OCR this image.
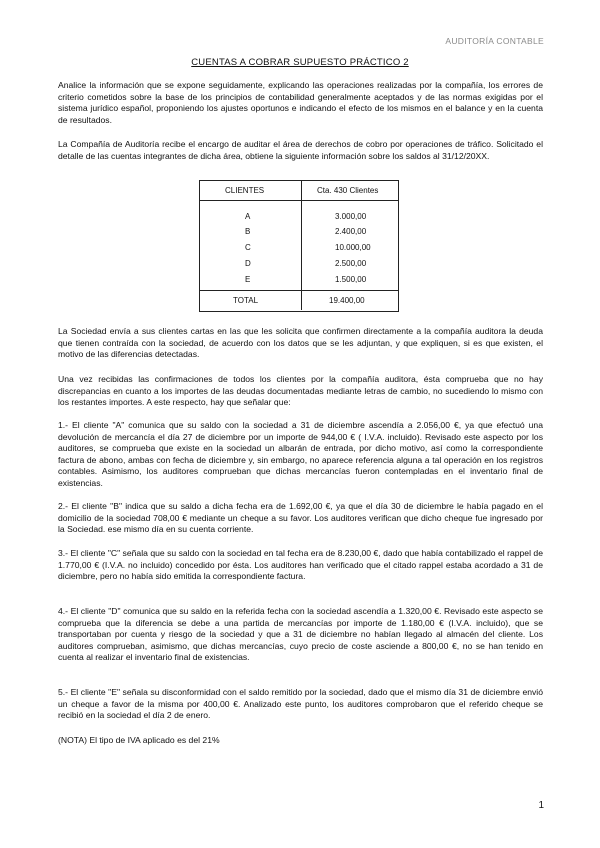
AUDITORÍA CONTABLE
CUENTAS A COBRAR SUPUESTO PRÁCTICO 2

Analice la información que se expone seguidamente, explicando las operaciones realizadas por la compañía, los errores de criterio cometidos sobre la base de los principios de contabilidad generalmente aceptados y de las normas exigidas por el sistema jurídico español, proponiendo los ajustes oportunos e indicando el efecto de los mismos en el balance y en la cuenta de resultados.

La Compañía de Auditoría recibe el encargo de auditar el área de derechos de cobro por operaciones de tráfico. Solicitado el detalle de las cuentas integrantes de dicha área, obtiene la siguiente información sobre los saldos al 31/12/20XX.

CLIENTES	Cta. 430 Clientes
A	3.000,00
B	2.400,00
C	10.000,00
D	2.500,00
E	1.500,00
TOTAL	19.400,00

La Sociedad envía a sus clientes cartas en las que les solicita que confirmen directamente a la compañía auditora la deuda que tienen contraída con la sociedad, de acuerdo con los datos que se les adjuntan, y que expliquen, si es que existen, el motivo de las diferencias detectadas.

Una vez recibidas las confirmaciones de todos los clientes por la compañía auditora, ésta comprueba que no hay discrepancias en cuanto a los importes de las deudas documentadas mediante letras de cambio, no sucediendo lo mismo con los restantes importes. A este respecto, hay que señalar que:

1.- El cliente "A" comunica que su saldo con la sociedad a 31 de diciembre ascendía a 2.056,00 €, ya que efectuó una devolución de mercancía el día 27 de diciembre por un importe de 944,00 € ( I.V.A. incluido). Revisado este aspecto por los auditores, se comprueba que existe en la sociedad un albarán de entrada, por dicho motivo, así como la correspondiente factura de abono, ambas con fecha de diciembre y, sin embargo, no aparece referencia alguna a tal operación en los registros contables. Asimismo, los auditores comprueban que dichas mercancías fueron contempladas en el inventario final de existencias.

2.- El cliente "B" indica que su saldo a dicha fecha era de 1.692,00 €, ya que el día 30 de diciembre le había pagado en el domicilio de la sociedad 708,00 € mediante un cheque a su favor. Los auditores verifican que dicho cheque fue ingresado por la Sociedad. ese mismo día en su cuenta corriente.

3.- El cliente "C" señala que su saldo con la sociedad en tal fecha era de 8.230,00 €, dado que había contabilizado el rappel de 1.770,00 € (I.V.A. no incluido) concedido por ésta. Los auditores han verificado que el citado rappel estaba acordado a 31 de diciembre, pero no había sido emitida la correspondiente factura.

4.- El cliente "D" comunica que su saldo en la referida fecha con la sociedad ascendía a 1.320,00 €. Revisado este aspecto se comprueba que la diferencia se debe a una partida de mercancías por importe de 1.180,00 € (I.V.A. incluido), que se transportaban por cuenta y riesgo de la sociedad y que a 31 de diciembre no habían llegado al almacén del cliente. Los auditores comprueban, asimismo, que dichas mercancías, cuyo precio de coste asciende a 800,00 €, no se han tenido en cuenta al realizar el inventario final de existencias.

5.- El cliente "E" señala su disconformidad con el saldo remitido por la sociedad, dado que el mismo día 31 de diciembre envió un cheque a favor de la misma por 400,00 €. Analizado este punto, los auditores comprobaron que el referido cheque se recibió en la sociedad el día 2 de enero.

(NOTA) El tipo de IVA aplicado es del 21%

1
